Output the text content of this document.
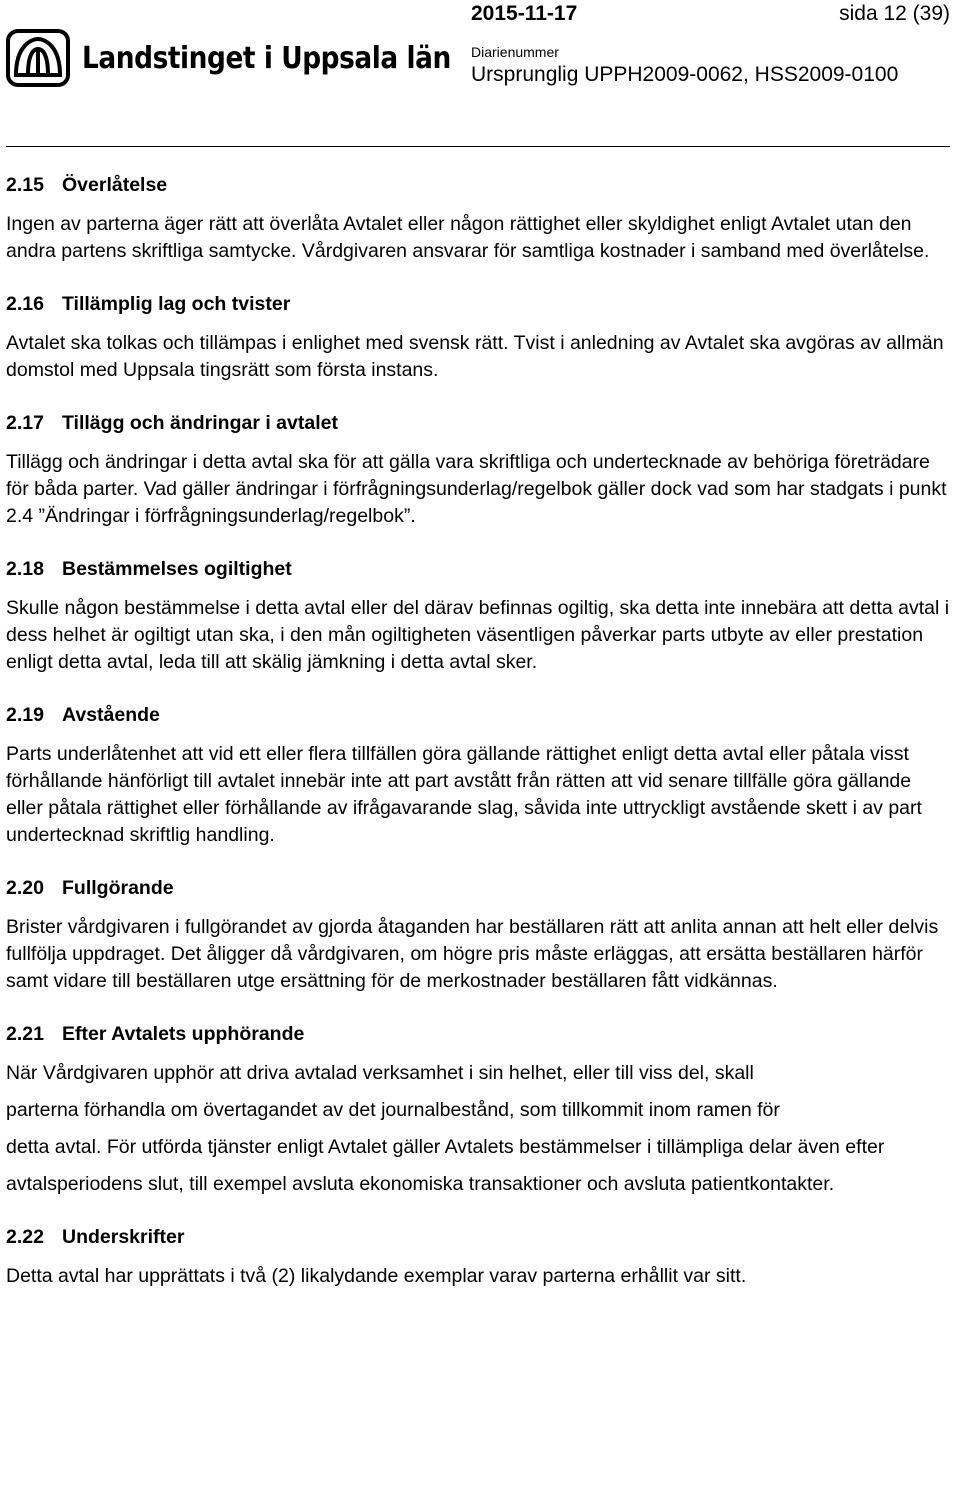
Landstinget i Uppsala län
2015-11-17	sida 12 (39)
Diarienummer
Ursprunglig UPPH2009-0062, HSS2009-0100
2.15 Överlåtelse

Ingen av parterna äger rätt att överlåta Avtalet eller någon rättighet eller skyldighet enligt Avtalet utan den andra partens skriftliga samtycke. Vårdgivaren ansvarar för samtliga kostnader i samband med överlåtelse.

2.16 Tillämplig lag och tvister

Avtalet ska tolkas och tillämpas i enlighet med svensk rätt. Tvist i anledning av Avtalet ska avgöras av allmän domstol med Uppsala tingsrätt som första instans.

2.17 Tillägg och ändringar i avtalet

Tillägg och ändringar i detta avtal ska för att gälla vara skriftliga och undertecknade av behöriga företrädare för båda parter. Vad gäller ändringar i förfrågningsunderlag/regelbok gäller dock vad som har stadgats i punkt 2.4 ”Ändringar i förfrågningsunderlag/regelbok”.

2.18 Bestämmelses ogiltighet

Skulle någon bestämmelse i detta avtal eller del därav befinnas ogiltig, ska detta inte innebära att detta avtal i dess helhet är ogiltigt utan ska, i den mån ogiltigheten väsentligen påverkar parts utbyte av eller prestation enligt detta avtal, leda till att skälig jämkning i detta avtal sker.

2.19 Avstående

Parts underlåtenhet att vid ett eller flera tillfällen göra gällande rättighet enligt detta avtal eller påtala visst förhållande hänförligt till avtalet innebär inte att part avstått från rätten att vid senare tillfälle göra gällande eller påtala rättighet eller förhållande av ifrågavarande slag, såvida inte uttryckligt avstående skett i av part undertecknad skriftlig handling.

2.20 Fullgörande

Brister vårdgivaren i fullgörandet av gjorda åtaganden har beställaren rätt att anlita annan att helt eller delvis fullfölja uppdraget. Det åligger då vårdgivaren, om högre pris måste erläggas, att ersätta beställaren härför samt vidare till beställaren utge ersättning för de merkostnader beställaren fått vidkännas.

2.21 Efter Avtalets upphörande

När Vårdgivaren upphör att driva avtalad verksamhet i sin helhet, eller till viss del, skall

parterna förhandla om övertagandet av det journalbestånd, som tillkommit inom ramen för

detta avtal. För utförda tjänster enligt Avtalet gäller Avtalets bestämmelser i tillämpliga delar även efter

avtalsperiodens slut, till exempel avsluta ekonomiska transaktioner och avsluta patientkontakter.

2.22 Underskrifter

Detta avtal har upprättats i två (2) likalydande exemplar varav parterna erhållit var sitt.
